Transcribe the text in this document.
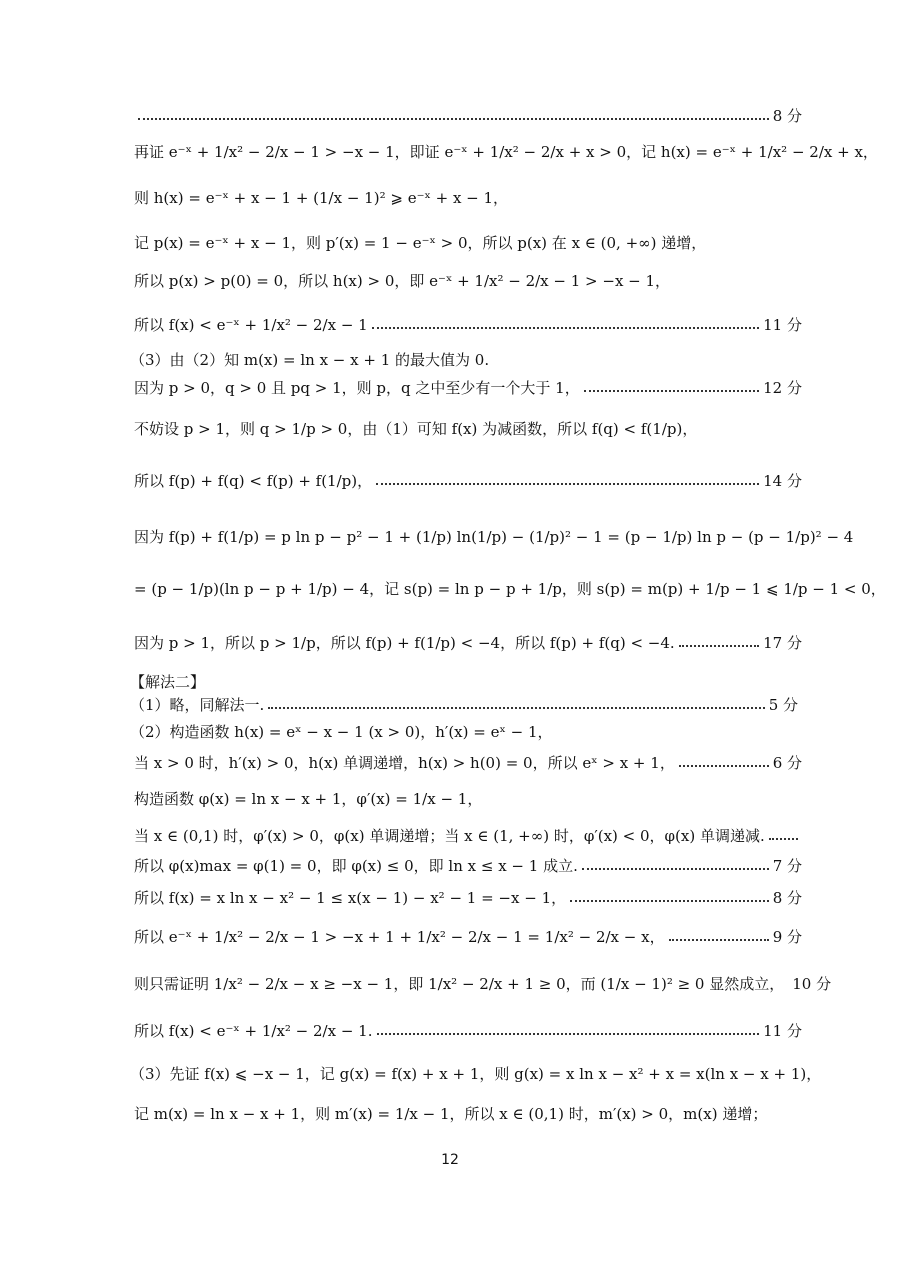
8 分
再证 e⁻ˣ + 1/x² − 2/x − 1 > −x − 1，即证 e⁻ˣ + 1/x² − 2/x + x > 0，记 h(x) = e⁻ˣ + 1/x² − 2/x + x，
则 h(x) = e⁻ˣ + x − 1 + (1/x − 1)² ⩾ e⁻ˣ + x − 1，
记 p(x) = e⁻ˣ + x − 1，则 p′(x) = 1 − e⁻ˣ > 0，所以 p(x) 在 x ∈ (0, +∞) 递增，
所以 p(x) > p(0) = 0，所以 h(x) > 0，即 e⁻ˣ + 1/x² − 2/x − 1 > −x − 1，
所以 f(x) < e⁻ˣ + 1/x² − 2/x − 1	11 分
（3）由（2）知 m(x) = ln x − x + 1 的最大值为 0.
因为 p > 0，q > 0 且 pq > 1，则 p，q 之中至少有一个大于 1，	12 分
不妨设 p > 1，则 q > 1/p > 0，由（1）可知 f(x) 为减函数，所以 f(q) < f(1/p)，
所以 f(p) + f(q) < f(p) + f(1/p)，	14 分
因为 f(p) + f(1/p) = p ln p − p² − 1 + (1/p) ln(1/p) − (1/p)² − 1 = (p − 1/p) ln p − (p − 1/p)² − 4
= (p − 1/p)(ln p − p + 1/p) − 4，记 s(p) = ln p − p + 1/p，则 s(p) = m(p) + 1/p − 1 ⩽ 1/p − 1 < 0，
因为 p > 1，所以 p > 1/p，所以 f(p) + f(1/p) < −4，所以 f(p) + f(q) < −4.	17 分
【解法二】
（1）略，同解法一.	5 分
（2）构造函数 h(x) = eˣ − x − 1 (x > 0)，h′(x) = eˣ − 1，
当 x > 0 时，h′(x) > 0，h(x) 单调递增，h(x) > h(0) = 0，所以 eˣ > x + 1，	6 分
构造函数 φ(x) = ln x − x + 1，φ′(x) = 1/x − 1，
当 x ∈ (0,1) 时，φ′(x) > 0，φ(x) 单调递增；当 x ∈ (1, +∞) 时，φ′(x) < 0，φ(x) 单调递减.
所以 φ(x)max = φ(1) = 0，即 φ(x) ≤ 0，即 ln x ≤ x − 1 成立.	7 分
所以 f(x) = x ln x − x² − 1 ≤ x(x − 1) − x² − 1 = −x − 1，	8 分
所以 e⁻ˣ + 1/x² − 2/x − 1 > −x + 1 + 1/x² − 2/x − 1 = 1/x² − 2/x − x，	9 分
则只需证明 1/x² − 2/x − x ≥ −x − 1，即 1/x² − 2/x + 1 ≥ 0，而 (1/x − 1)² ≥ 0 显然成立， 10 分
所以 f(x) < e⁻ˣ + 1/x² − 2/x − 1.	11 分
（3）先证 f(x) ⩽ −x − 1，记 g(x) = f(x) + x + 1，则 g(x) = x ln x − x² + x = x(ln x − x + 1)，
记 m(x) = ln x − x + 1，则 m′(x) = 1/x − 1，所以 x ∈ (0,1) 时，m′(x) > 0，m(x) 递增；
12
